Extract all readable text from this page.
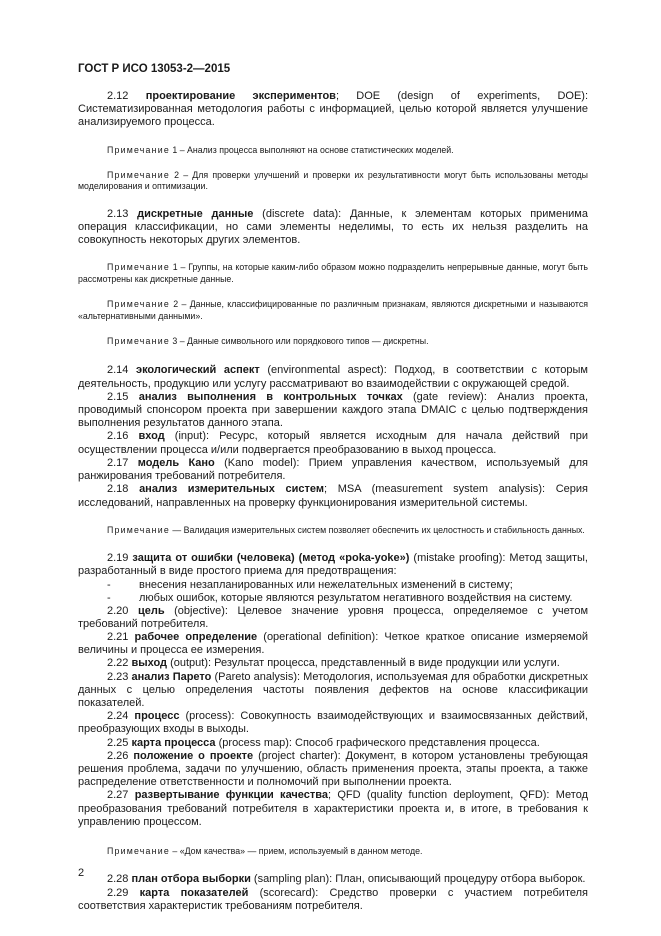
ГОСТ Р ИСО 13053-2—2015

2.12 проектирование экспериментов; DOE (design of experiments, DOE): Систематизированная методология работы с информацией, целью которой является улучшение анализируемого процесса.

Примечание 1 – Анализ процесса выполняют на основе статистических моделей.

Примечание 2 – Для проверки улучшений и проверки их результативности могут быть использованы методы моделирования и оптимизации.

2.13 дискретные данные (discrete data): Данные, к элементам которых применима операция классификации, но сами элементы неделимы, то есть их нельзя разделить на совокупность некоторых других элементов.

Примечание 1 – Группы, на которые каким-либо образом можно подразделить непрерывные данные, могут быть рассмотрены как дискретные данные.

Примечание 2 – Данные, классифицированные по различным признакам, являются дискретными и называются «альтернативными данными».

Примечание 3 – Данные символьного или порядкового типов — дискретны.

2.14 экологический аспект (environmental aspect): Подход, в соответствии с которым деятельность, продукцию или услугу рассматривают во взаимодействии с окружающей средой.

2.15 анализ выполнения в контрольных точках (gate review): Анализ проекта, проводимый спонсором проекта при завершении каждого этапа DMAIC с целью подтверждения выполнения результатов данного этапа.

2.16 вход (input): Ресурс, который является исходным для начала действий при осуществлении процесса и/или подвергается преобразованию в выход процесса.

2.17 модель Кано (Kano model): Прием управления качеством, используемый для ранжирования требований потребителя.

2.18 анализ измерительных систем; MSA (measurement system analysis): Серия исследований, направленных на проверку функционирования измерительной системы.

Примечание — Валидация измерительных систем позволяет обеспечить их целостность и стабильность данных.

2.19 защита от ошибки (человека) (метод «poka-yoke») (mistake proofing): Метод защиты, разработанный в виде простого приема для предотвращения:

-	внесения незапланированных или нежелательных изменений в систему;
-	любых ошибок, которые являются результатом негативного воздействия на систему.

2.20 цель (objective): Целевое значение уровня процесса, определяемое с учетом требований потребителя.

2.21 рабочее определение (operational definition): Четкое краткое описание измеряемой величины и процесса ее измерения.

2.22 выход (output): Результат процесса, представленный в виде продукции или услуги.

2.23 анализ Парето (Pareto analysis): Методология, используемая для обработки дискретных данных с целью определения частоты появления дефектов на основе классификации показателей.

2.24 процесс (process): Совокупность взаимодействующих и взаимосвязанных действий, преобразующих входы в выходы.

2.25 карта процесса (process map): Способ графического представления процесса.

2.26 положение о проекте (project charter): Документ, в котором установлены требующая решения проблема, задачи по улучшению, область применения проекта, этапы проекта, а также распределение ответственности и полномочий при выполнении проекта.

2.27 развертывание функции качества; QFD (quality function deployment, QFD): Метод преобразования требований потребителя в характеристики проекта и, в итоге, в требования к управлению процессом.

Примечание – «Дом качества» — прием, используемый в данном методе.

2.28 план отбора выборки (sampling plan): План, описывающий процедуру отбора выборок.

2.29 карта показателей (scorecard): Средство проверки с участием потребителя соответствия характеристик требованиям потребителя.

2
